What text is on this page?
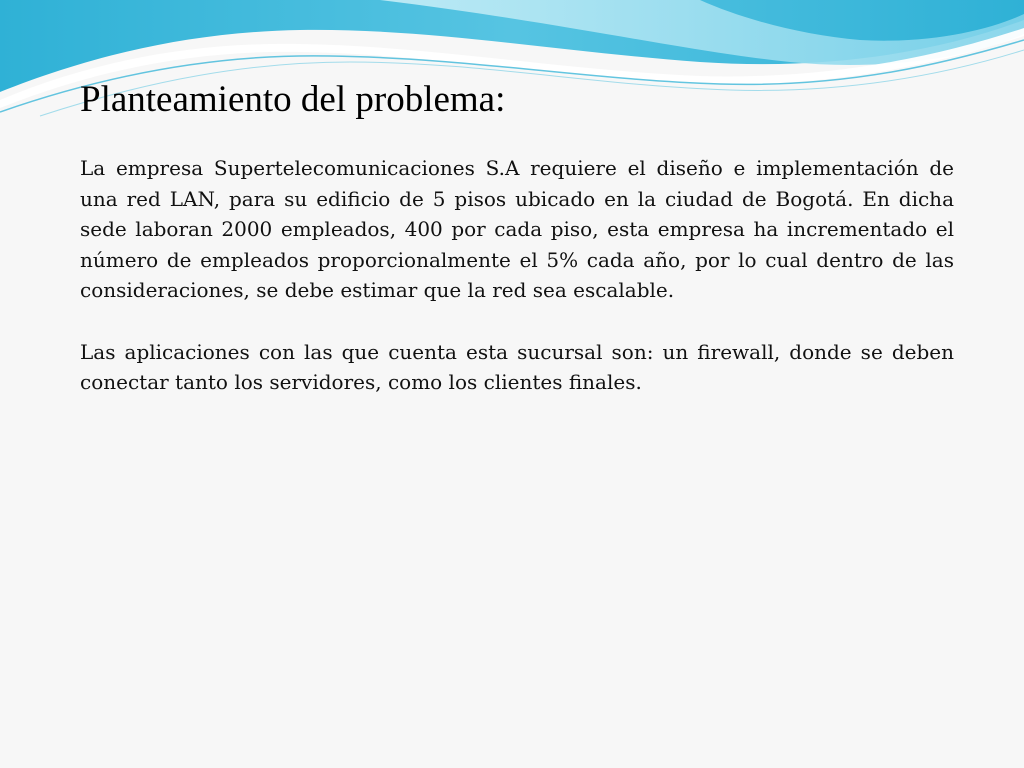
Planteamiento del problema:

La empresa Supertelecomunicaciones S.A requiere el diseño e implementación de una red LAN, para su edificio de 5 pisos ubicado en la ciudad de Bogotá. En dicha sede laboran 2000 empleados, 400 por cada piso, esta empresa ha incrementado el número de empleados proporcionalmente el 5% cada año, por lo cual dentro de las consideraciones, se debe estimar que la red sea escalable.

Las aplicaciones con las que cuenta esta sucursal son: un firewall, donde se deben conectar tanto los servidores, como los clientes finales.
